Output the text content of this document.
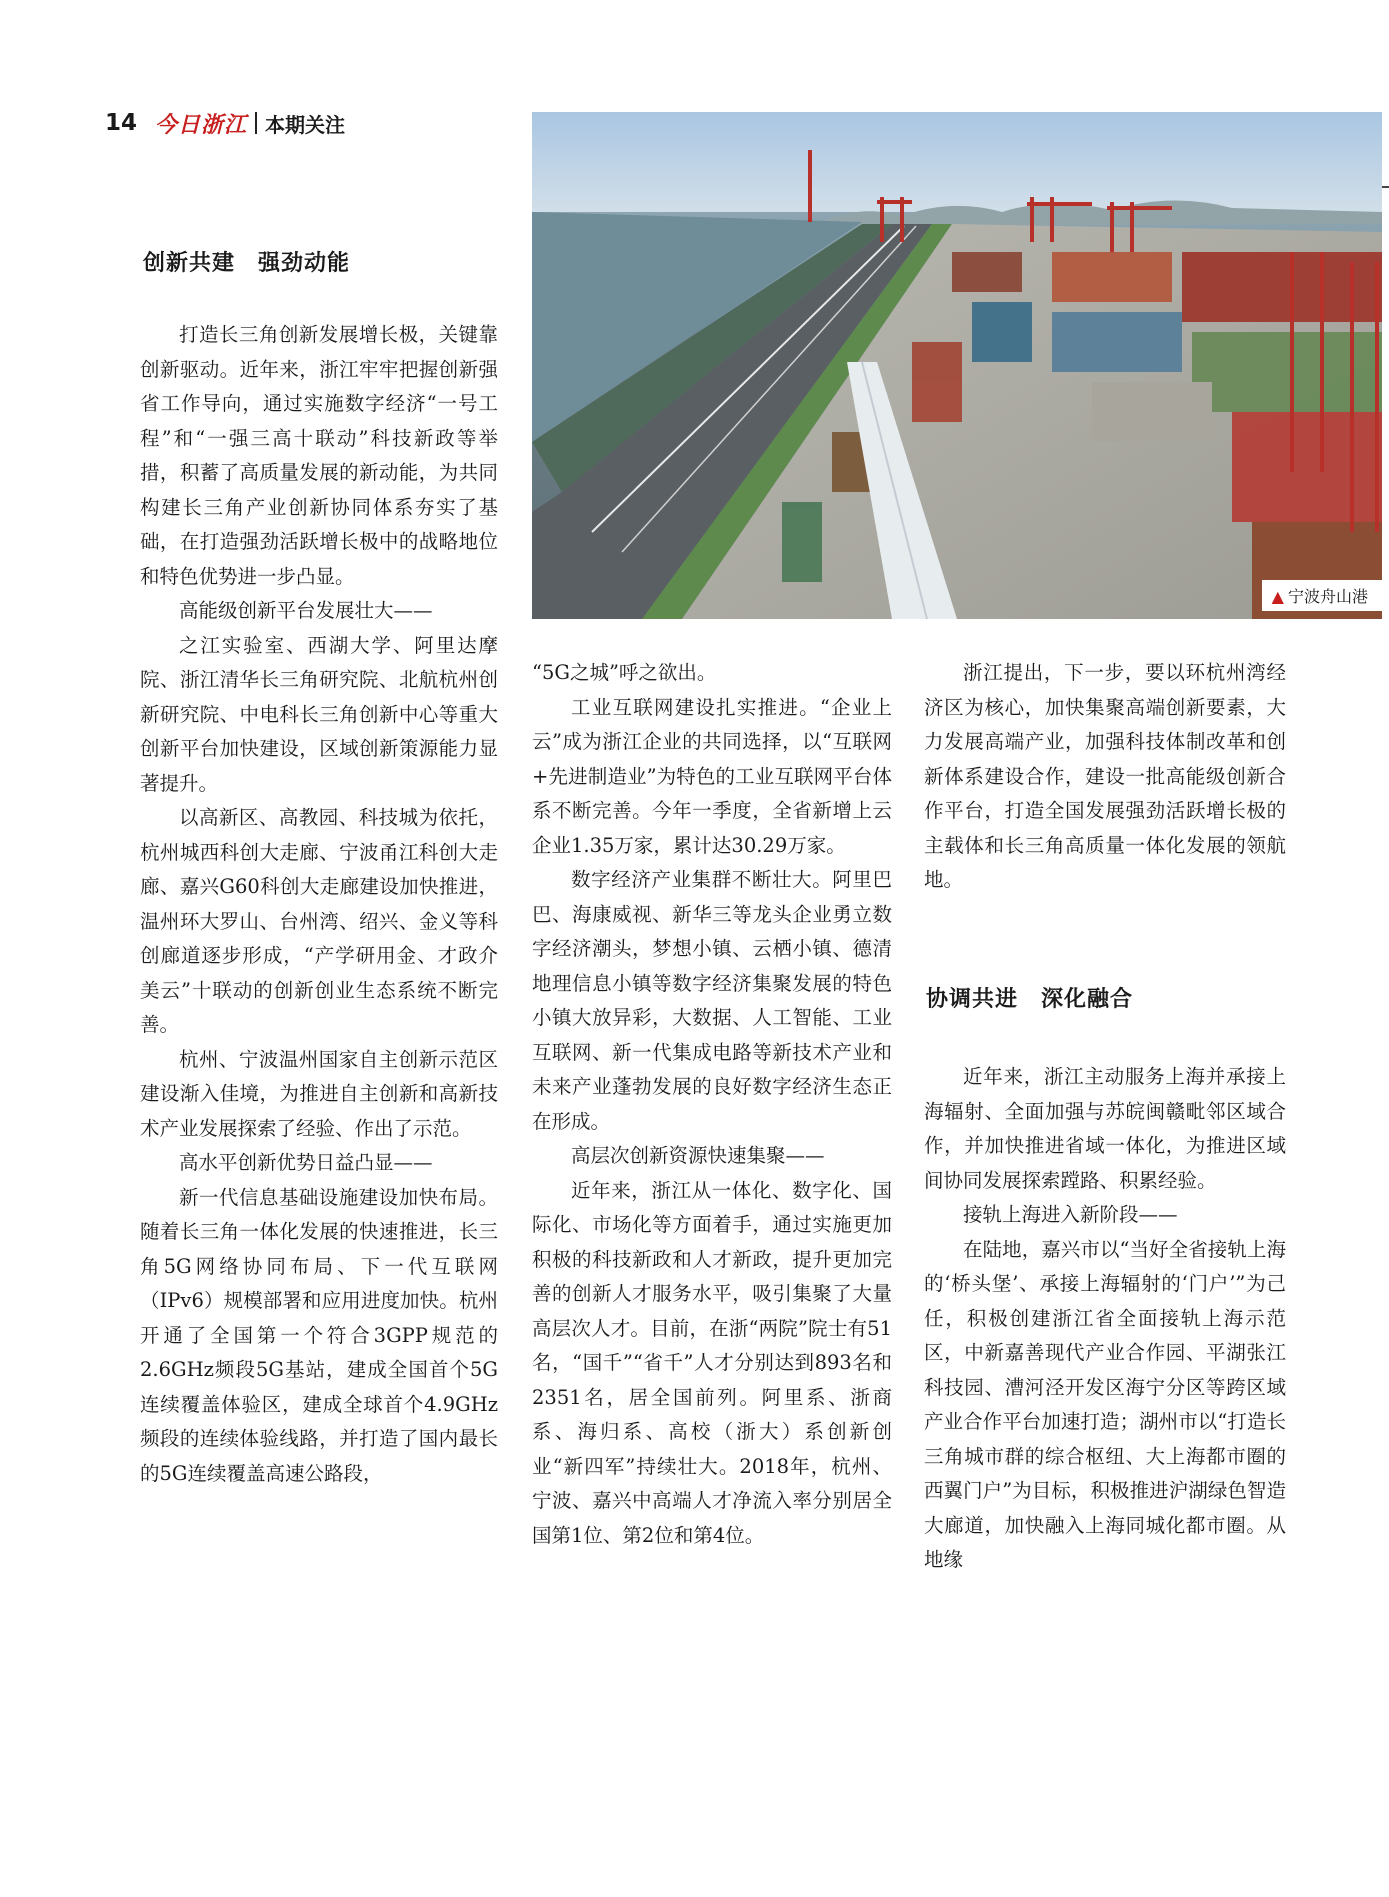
14 今日浙江 本期关注
▲ 宁波舟山港
创新共建　强劲动能

打造长三角创新发展增长极，关键靠创新驱动。近年来，浙江牢牢把握创新强省工作导向，通过实施数字经济“一号工程”和“一强三高十联动”科技新政等举措，积蓄了高质量发展的新动能，为共同构建长三角产业创新协同体系夯实了基础，在打造强劲活跃增长极中的战略地位和特色优势进一步凸显。

高能级创新平台发展壮大——

之江实验室、西湖大学、阿里达摩院、浙江清华长三角研究院、北航杭州创新研究院、中电科长三角创新中心等重大创新平台加快建设，区域创新策源能力显著提升。

以高新区、高教园、科技城为依托，杭州城西科创大走廊、宁波甬江科创大走廊、嘉兴G60科创大走廊建设加快推进，温州环大罗山、台州湾、绍兴、金义等科创廊道逐步形成，“产学研用金、才政介美云”十联动的创新创业生态系统不断完善。

杭州、宁波温州国家自主创新示范区建设渐入佳境，为推进自主创新和高新技术产业发展探索了经验、作出了示范。

高水平创新优势日益凸显——

新一代信息基础设施建设加快布局。随着长三角一体化发展的快速推进，长三角5G网络协同布局、下一代互联网（IPv6）规模部署和应用进度加快。杭州开通了全国第一个符合3GPP规范的2.6GHz频段5G基站，建成全国首个5G连续覆盖体验区，建成全球首个4.9GHz频段的连续体验线路，并打造了国内最长的5G连续覆盖高速公路段，

“5G之城”呼之欲出。

工业互联网建设扎实推进。“企业上云”成为浙江企业的共同选择，以“互联网+先进制造业”为特色的工业互联网平台体系不断完善。今年一季度，全省新增上云企业1.35万家，累计达30.29万家。

数字经济产业集群不断壮大。阿里巴巴、海康威视、新华三等龙头企业勇立数字经济潮头，梦想小镇、云栖小镇、德清地理信息小镇等数字经济集聚发展的特色小镇大放异彩，大数据、人工智能、工业互联网、新一代集成电路等新技术产业和未来产业蓬勃发展的良好数字经济生态正在形成。

高层次创新资源快速集聚——

近年来，浙江从一体化、数字化、国际化、市场化等方面着手，通过实施更加积极的科技新政和人才新政，提升更加完善的创新人才服务水平，吸引集聚了大量高层次人才。目前，在浙“两院”院士有51名，“国千”“省千”人才分别达到893名和2351名，居全国前列。阿里系、浙商系、海归系、高校（浙大）系创新创业“新四军”持续壮大。2018年，杭州、宁波、嘉兴中高端人才净流入率分别居全国第1位、第2位和第4位。

浙江提出，下一步，要以环杭州湾经济区为核心，加快集聚高端创新要素，大力发展高端产业，加强科技体制改革和创新体系建设合作，建设一批高能级创新合作平台，打造全国发展强劲活跃增长极的主载体和长三角高质量一体化发展的领航地。

协调共进　深化融合

近年来，浙江主动服务上海并承接上海辐射、全面加强与苏皖闽赣毗邻区域合作，并加快推进省域一体化，为推进区域间协同发展探索蹚路、积累经验。

接轨上海进入新阶段——

在陆地，嘉兴市以“当好全省接轨上海的‘桥头堡’、承接上海辐射的‘门户’”为己任，积极创建浙江省全面接轨上海示范区，中新嘉善现代产业合作园、平湖张江科技园、漕河泾开发区海宁分区等跨区域产业合作平台加速打造；湖州市以“打造长三角城市群的综合枢纽、大上海都市圈的西翼门户”为目标，积极推进沪湖绿色智造大廊道，加快融入上海同城化都市圈。从地缘
